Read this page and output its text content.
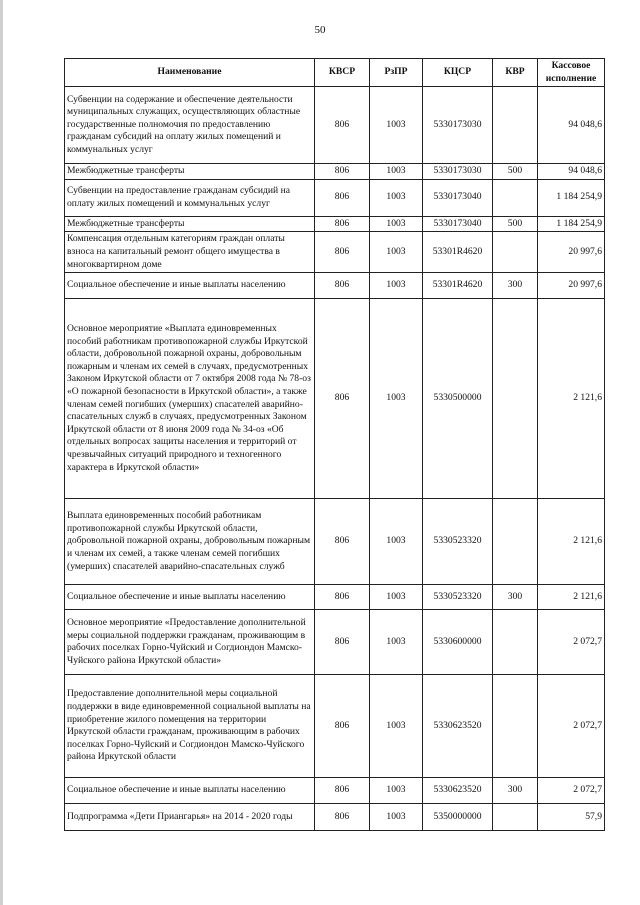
50
Наименование	КВСР	РзПР	КЦСР	КВР	Кассовое исполнение
Субвенции на содержание и обеспечение деятельности муниципальных служащих, осуществляющих областные государственные полномочия по предоставлению гражданам субсидий на оплату жилых помещений и коммунальных услуг	806	1003	5330173030		94 048,6
Межбюджетные трансферты	806	1003	5330173030	500	94 048,6
Субвенции на предоставление гражданам субсидий на оплату жилых помещений и коммунальных услуг	806	1003	5330173040		1 184 254,9
Межбюджетные трансферты	806	1003	5330173040	500	1 184 254,9
Компенсация отдельным категориям граждан оплаты взноса на капитальный ремонт общего имущества в многоквартирном доме	806	1003	53301R4620		20 997,6
Социальное обеспечение и иные выплаты населению	806	1003	53301R4620	300	20 997,6
Основное мероприятие «Выплата единовременных пособий работникам противопожарной службы Иркутской области, добровольной пожарной охраны, добровольным пожарным и членам их семей в случаях, предусмотренных Законом Иркутской области от 7 октября 2008 года № 78-оз «О пожарной безопасности в Иркутской области», а также членам семей погибших (умерших) спасателей аварийно-спасательных служб в случаях, предусмотренных Законом Иркутской области от 8 июня 2009 года № 34-оз «Об отдельных вопросах защиты населения и территорий от чрезвычайных ситуаций природного и техногенного характера в Иркутской области»	806	1003	5330500000		2 121,6
Выплата единовременных пособий работникам противопожарной службы Иркутской области, добровольной пожарной охраны, добровольным пожарным и членам их семей, а также членам семей погибших (умерших) спасателей аварийно-спасательных служб	806	1003	5330523320		2 121,6
Социальное обеспечение и иные выплаты населению	806	1003	5330523320	300	2 121,6
Основное мероприятие «Предоставление дополнительной меры социальной поддержки гражданам, проживающим в рабочих поселках Горно-Чуйский и Согдиондон Мамско-Чуйского района Иркутской области»	806	1003	5330600000		2 072,7
Предоставление дополнительной меры социальной поддержки в виде единовременной социальной выплаты на приобретение жилого помещения на территории Иркутской области гражданам, проживающим в рабочих поселках Горно-Чуйский и Согдиондон Мамско-Чуйского района Иркутской области	806	1003	5330623520		2 072,7
Социальное обеспечение и иные выплаты населению	806	1003	5330623520	300	2 072,7
Подпрограмма «Дети Приангарья» на 2014 - 2020 годы	806	1003	5350000000		57,9
